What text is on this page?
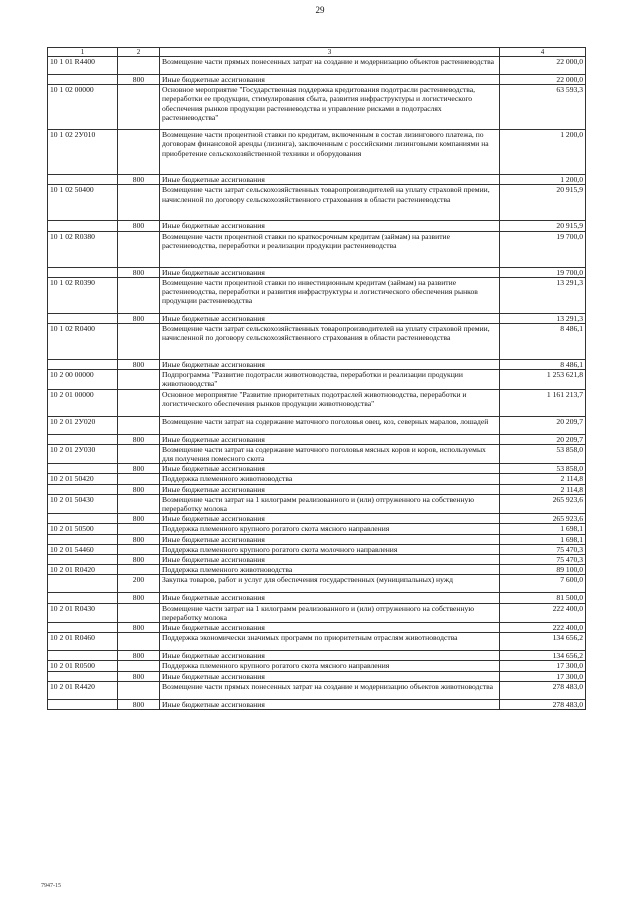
29
1	2	3	4
10 1 01 R4400		Возмещение части прямых понесенных затрат на создание и модернизацию объектов растениеводства	22 000,0
	800	Иные бюджетные ассигнования	22 000,0
10 1 02 00000		Основное мероприятие "Государственная поддержка кредитования подотрасли растениеводства, переработки ее продукции, стимулирования сбыта, развития инфраструктуры и логистического обеспечения рынков продукции растениеводства и управление рисками в подотраслях растениеводства"	63 593,3
10 1 02 2У010		Возмещение части процентной ставки по кредитам, включенным в состав лизингового платежа, по договорам финансовой аренды (лизинга), заключенным с российскими лизинговыми компаниями на приобретение сельскохозяйственной техники и оборудования	1 200,0
	800	Иные бюджетные ассигнования	1 200,0
10 1 02 50400		Возмещение части затрат сельскохозяйственных товаропроизводителей на уплату страховой премии, начисленной по договору сельскохозяйственного страхования в области растениеводства	20 915,9
	800	Иные бюджетные ассигнования	20 915,9
10 1 02 R0380		Возмещение части процентной ставки по краткосрочным кредитам (займам) на развитие растениеводства, переработки и реализации продукции растениеводства	19 700,0
	800	Иные бюджетные ассигнования	19 700,0
10 1 02 R0390		Возмещение части процентной ставки по инвестиционным кредитам (займам) на развитие растениеводства, переработки и развития инфраструктуры и логистического обеспечения рынков продукции растениеводства	13 291,3
	800	Иные бюджетные ассигнования	13 291,3
10 1 02 R0400		Возмещение части затрат сельскохозяйственных товаропроизводителей на уплату страховой премии, начисленной по договору сельскохозяйственного страхования в области растениеводства	8 486,1
	800	Иные бюджетные ассигнования	8 486,1
10 2 00 00000		Подпрограмма "Развитие подотрасли животноводства, переработки и реализации продукции животноводства"	1 253 621,8
10 2 01 00000		Основное мероприятие "Развитие приоритетных подотраслей животноводства, переработки и логистического обеспечения рынков продукции животноводства"	1 161 213,7
10 2 01 2У020		Возмещение части затрат на содержание маточного поголовья овец, коз, северных маралов, лошадей	20 209,7
	800	Иные бюджетные ассигнования	20 209,7
10 2 01 2У030		Возмещение части затрат на содержание маточного поголовья мясных коров и коров, используемых для получения помесного скота	53 858,0
	800	Иные бюджетные ассигнования	53 858,0
10 2 01 50420		Поддержка племенного животноводства	2 114,8
	800	Иные бюджетные ассигнования	2 114,8
10 2 01 50430		Возмещение части затрат на 1 килограмм реализованного и (или) отгруженного на собственную переработку молока	265 923,6
	800	Иные бюджетные ассигнования	265 923,6
10 2 01 50500		Поддержка племенного крупного рогатого скота мясного направления	1 698,1
	800	Иные бюджетные ассигнования	1 698,1
10 2 01 54460		Поддержка племенного крупного рогатого скота молочного направления	75 470,3
	800	Иные бюджетные ассигнования	75 470,3
10 2 01 R0420		Поддержка племенного животноводства	89 100,0
	200	Закупка товаров, работ и услуг для обеспечения государственных (муниципальных) нужд	7 600,0
	800	Иные бюджетные ассигнования	81 500,0
10 2 01 R0430		Возмещение части затрат на 1 килограмм реализованного и (или) отгруженного на собственную переработку молока	222 400,0
	800	Иные бюджетные ассигнования	222 400,0
10 2 01 R0460		Поддержка экономически значимых программ по приоритетным отраслям животноводства	134 656,2
	800	Иные бюджетные ассигнования	134 656,2
10 2 01 R0500		Поддержка племенного крупного рогатого скота мясного направления	17 300,0
	800	Иные бюджетные ассигнования	17 300,0
10 2 01 R4420		Возмещение части прямых понесенных затрат на создание и модернизацию объектов животноводства	278 483,0
	800	Иные бюджетные ассигнования	278 483,0
7947-15
